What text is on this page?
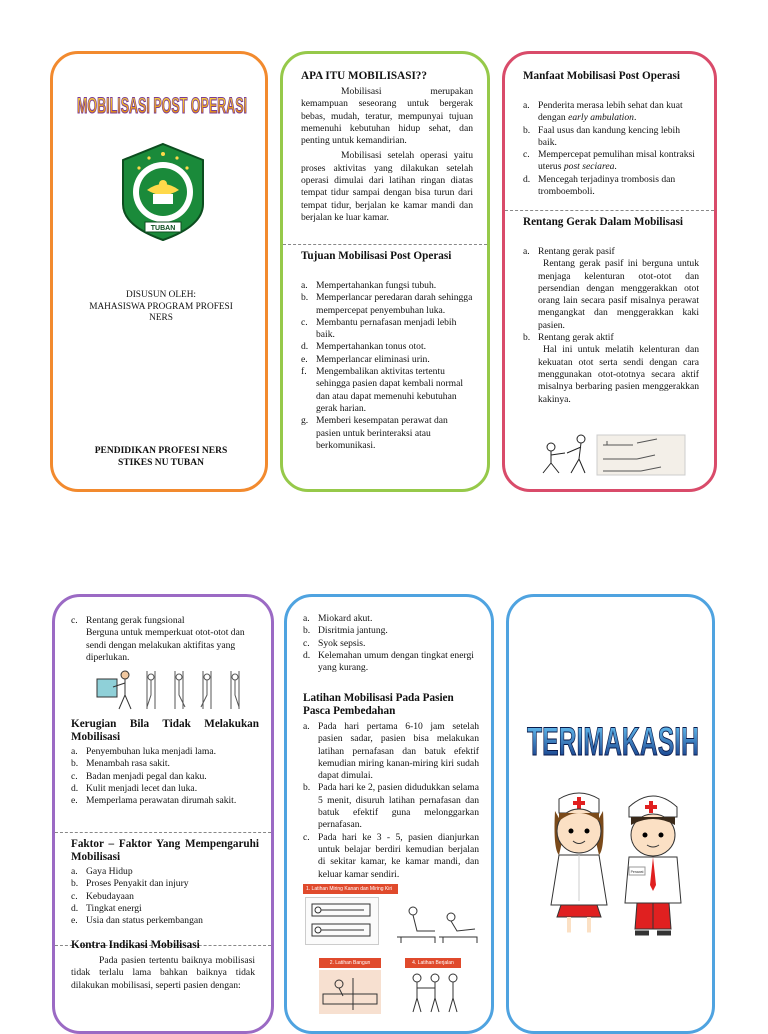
MOBILISASI POST OPERASI
TUBAN
DISUSUN OLEH:
MAHASISWA PROGRAM PROFESI
NERS
PENDIDIKAN PROFESI NERS
STIKES NU TUBAN
APA ITU MOBILISASI??
Mobilisasi merupakan kemampuan seseorang untuk bergerak bebas, mudah, teratur, mempunyai tujuan memenuhi kebutuhan hidup sehat, dan penting untuk kemandirian.
Mobilisasi setelah operasi yaitu proses aktivitas yang dilakukan setelah operasi dimulai dari latihan ringan diatas tempat tidur sampai dengan bisa turun dari tempat tidur, berjalan ke kamar mandi dan berjalan ke luar kamar.
Tujuan Mobilisasi Post Operasi
a. Mempertahankan fungsi tubuh.
b. Memperlancar peredaran darah sehingga mempercepat penyembuhan luka.
c. Membantu pernafasan menjadi lebih baik.
d. Mempertahankan tonus otot.
e. Memperlancar eliminasi urin.
f. Mengembalikan aktivitas tertentu sehingga pasien dapat kembali normal dan atau dapat memenuhi kebutuhan gerak harian.
g. Memberi kesempatan perawat dan pasien untuk berinteraksi atau berkomunikasi.
Manfaat Mobilisasi Post Operasi
a. Penderita merasa lebih sehat dan kuat dengan early ambulation.
b. Faal usus dan kandung kencing lebih baik.
c. Mempercepat pemulihan misal kontraksi uterus post seciarea.
d. Mencegah terjadinya trombosis dan tromboemboli.
Rentang Gerak Dalam Mobilisasi
a. Rentang gerak pasif
Rentang gerak pasif ini berguna untuk menjaga kelenturan otot-otot dan persendian dengan menggerakkan otot orang lain secara pasif misalnya perawat mengangkat dan menggerakkan kaki pasien.
b. Rentang gerak aktif
Hal ini untuk melatih kelenturan dan kekuatan otot serta sendi dengan cara menggunakan otot-ototnya secara aktif misalnya berbaring pasien menggerakkan kakinya.
c. Rentang gerak fungsional
Berguna untuk memperkuat otot-otot dan sendi dengan melakukan aktifitas yang diperlukan.
Kerugian Bila Tidak Melakukan Mobilisasi
a. Penyembuhan luka menjadi lama.
b. Menambah rasa sakit.
c. Badan menjadi pegal dan kaku.
d. Kulit menjadi lecet dan luka.
e. Memperlama perawatan dirumah sakit.
Faktor – Faktor Yang Mempengaruhi Mobilisasi
a. Gaya Hidup
b. Proses Penyakit dan injury
c. Kebudayaan
d. Tingkat energi
e. Usia dan status perkembangan
Kontra Indikasi Mobilisasi
Pada pasien tertentu baiknya mobilisasi tidak terlalu lama bahkan baiknya tidak dilakukan mobilisasi, seperti pasien dengan:
a. Miokard akut.
b. Disritmia jantung.
c. Syok sepsis.
d. Kelemahan umum dengan tingkat energi yang kurang.
Latihan Mobilisasi Pada Pasien Pasca Pembedahan
a. Pada hari pertama 6-10 jam setelah pasien sadar, pasien bisa melakukan latihan pernafasan dan batuk efektif kemudian miring kanan-miring kiri sudah dapat dimulai.
b. Pada hari ke 2, pasien didudukkan selama 5 menit, disuruh latihan pernafasan dan batuk efektif guna melonggarkan pernafasan.
c. Pada hari ke 3 - 5, pasien dianjurkan untuk belajar berdiri kemudian berjalan di sekitar kamar, ke kamar mandi, dan keluar kamar sendiri.
1. Latihan Miring Kanan dan Miring Kiri
2. Latihan Bangun	4. Latihan Berjalan
TERIMAKASIH
Perawat
